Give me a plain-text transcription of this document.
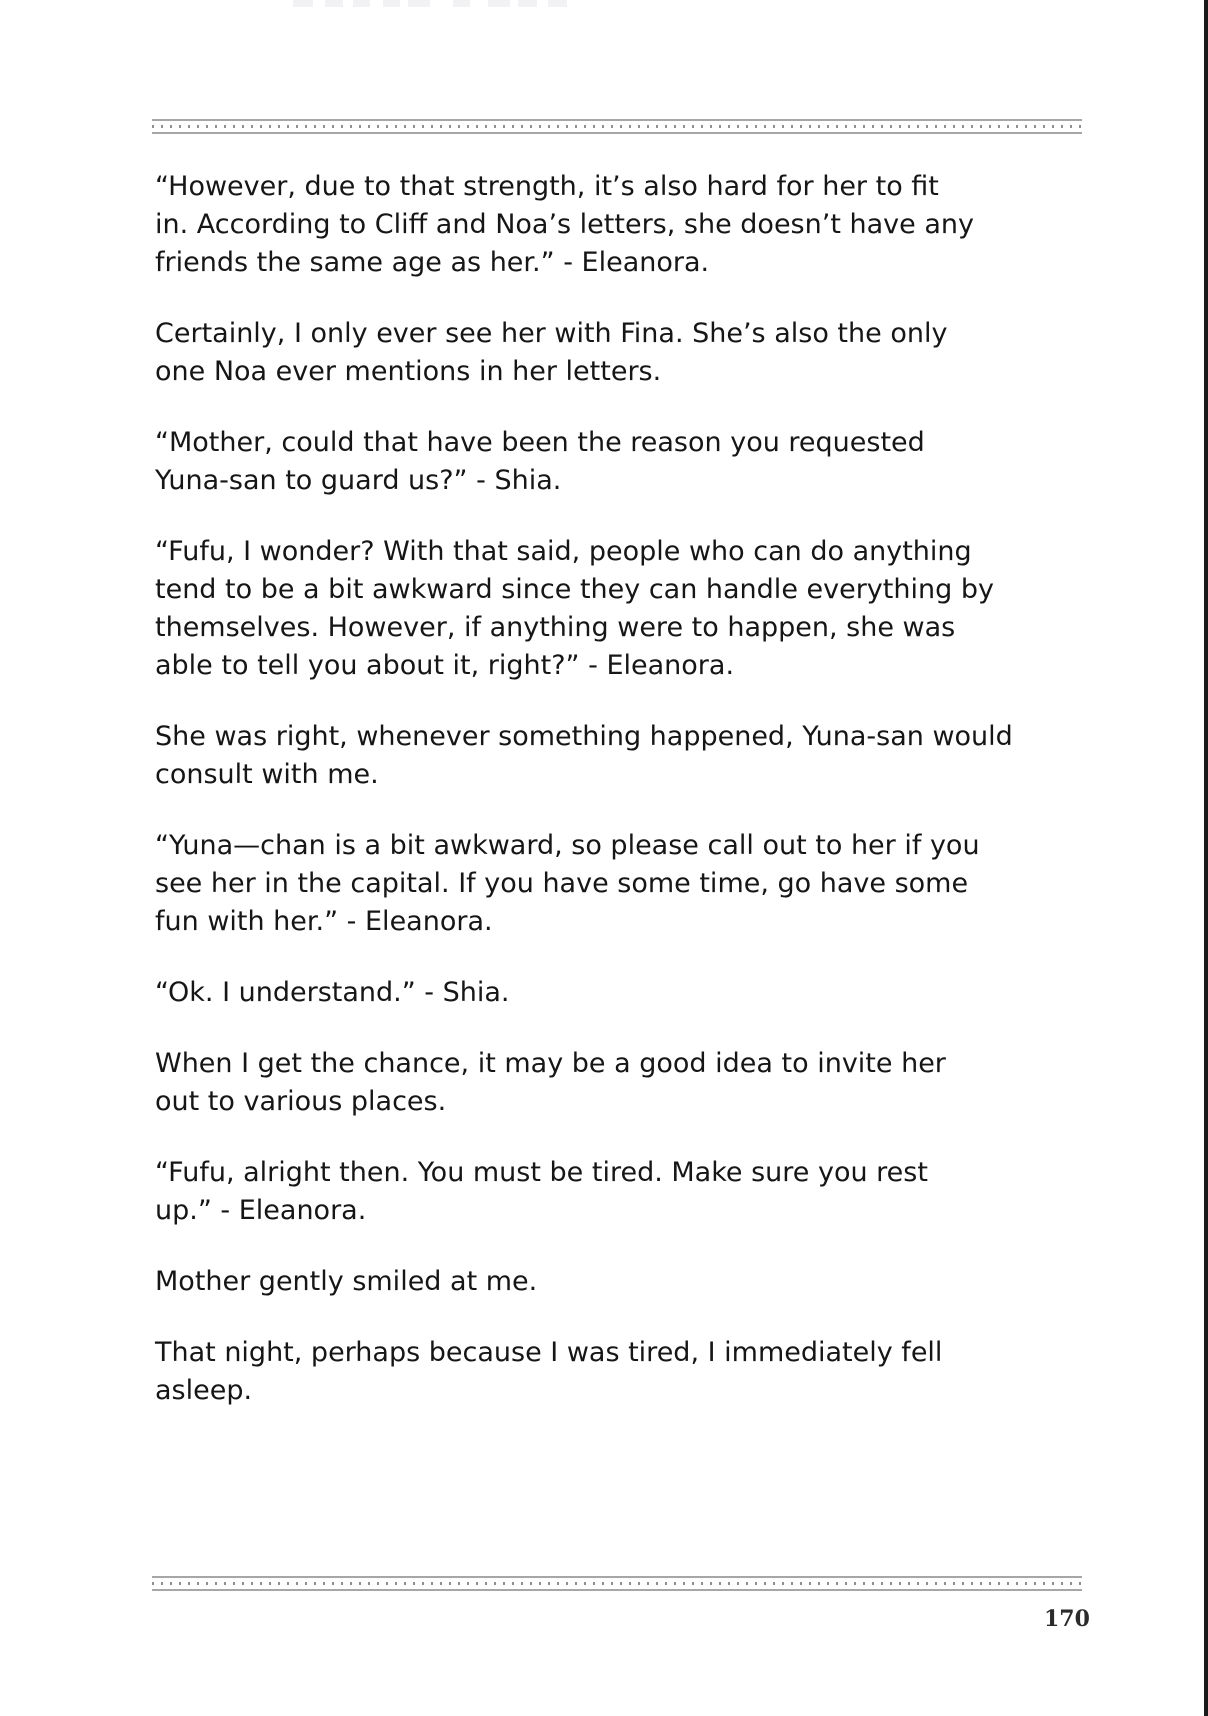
“However, due to that strength, it’s also hard for her to fit
in. According to Cliff and Noa’s letters, she doesn’t have any
friends the same age as her.” - Eleanora.

Certainly, I only ever see her with Fina. She’s also the only
one Noa ever mentions in her letters.

“Mother, could that have been the reason you requested
Yuna-san to guard us?” - Shia.

“Fufu, I wonder? With that said, people who can do anything
tend to be a bit awkward since they can handle everything by
themselves. However, if anything were to happen, she was
able to tell you about it, right?” - Eleanora.

She was right, whenever something happened, Yuna-san would
consult with me.

“Yuna—chan is a bit awkward, so please call out to her if you
see her in the capital. If you have some time, go have some
fun with her.” - Eleanora.

“Ok. I understand.” - Shia.

When I get the chance, it may be a good idea to invite her
out to various places.

“Fufu, alright then. You must be tired. Make sure you rest
up.” - Eleanora.

Mother gently smiled at me.

That night, perhaps because I was tired, I immediately fell
asleep.

170
